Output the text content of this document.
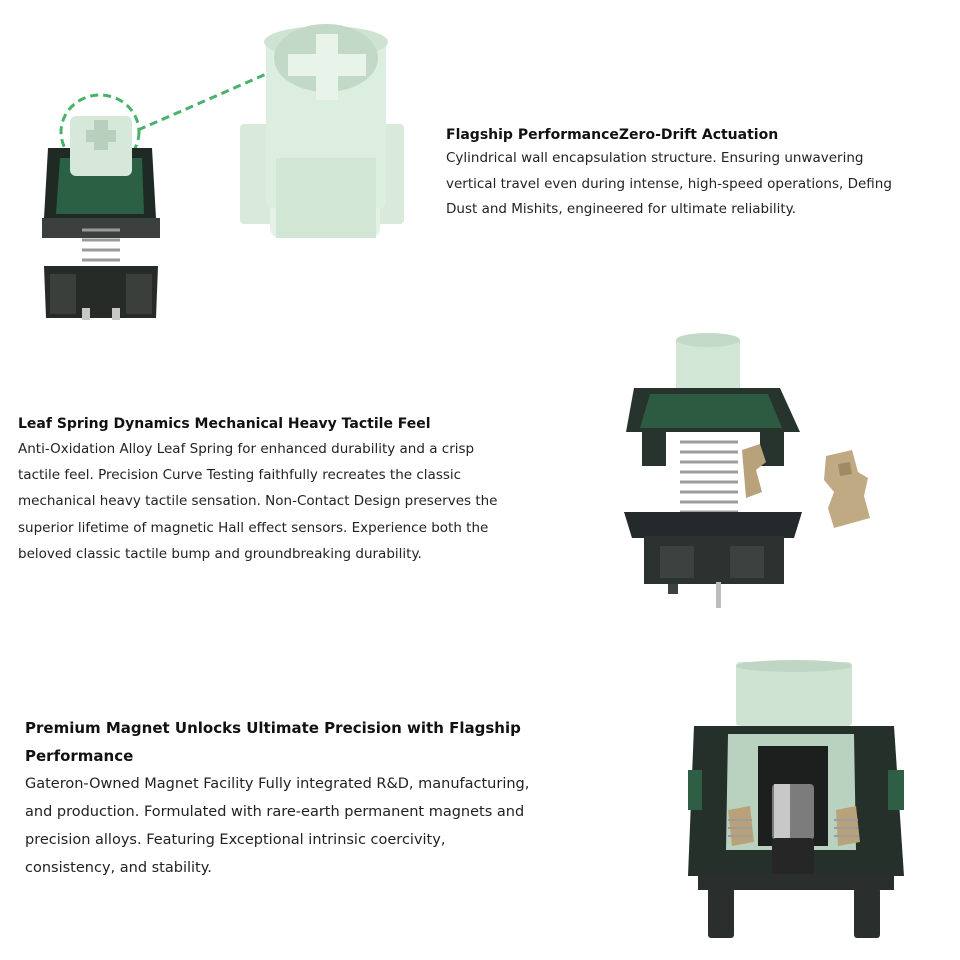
Flagship PerformanceZero-Drift Actuation

Cylindrical wall encapsulation structure. Ensuring unwavering vertical travel even during intense, high-speed operations, Defing Dust and Mishits, engineered for ultimate reliability.

Leaf Spring Dynamics Mechanical Heavy Tactile Feel

Anti-Oxidation Alloy Leaf Spring for enhanced durability and a crisp tactile feel. Precision Curve Testing faithfully recreates the classic mechanical heavy tactile sensation. Non-Contact Design preserves the superior lifetime of magnetic Hall effect sensors. Experience both the beloved classic tactile bump and groundbreaking durability.

Premium Magnet Unlocks Ultimate Precision with Flagship Performance

Gateron-Owned Magnet Facility Fully integrated R&D, manufacturing, and production. Formulated with rare-earth permanent magnets and precision alloys. Featuring Exceptional intrinsic coercivity, consistency, and stability.
